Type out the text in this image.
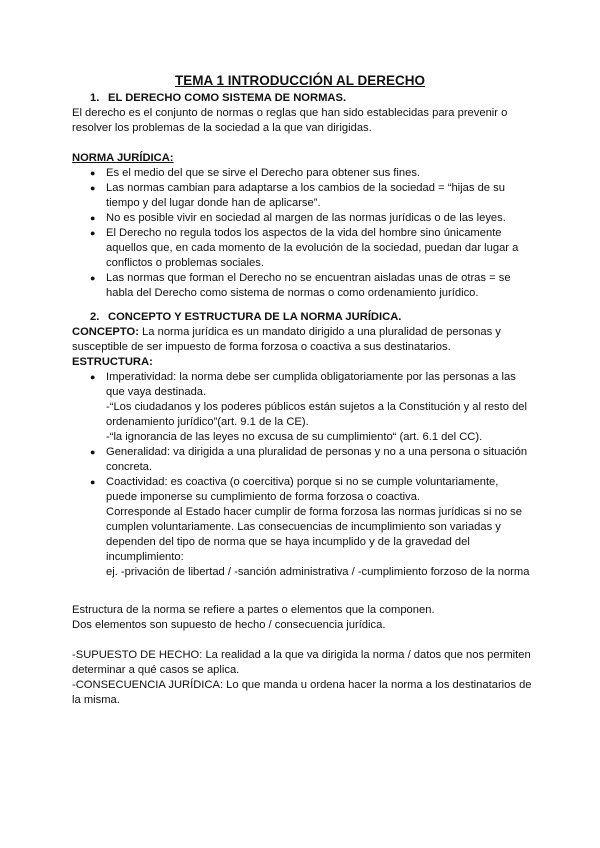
TEMA 1 INTRODUCCIÓN AL DERECHO
1. EL DERECHO COMO SISTEMA DE NORMAS.

El derecho es el conjunto de normas o reglas que han sido establecidas para prevenir o resolver los problemas de la sociedad a la que van dirigidas.

NORMA JURÍDICA:
● Es el medio del que se sirve el Derecho para obtener sus fines.
● Las normas cambian para adaptarse a los cambios de la sociedad = “hijas de su tiempo y del lugar donde han de aplicarse”.
● No es posible vivir en sociedad al margen de las normas jurídicas o de las leyes.
● El Derecho no regula todos los aspectos de la vida del hombre sino únicamente aquellos que, en cada momento de la evolución de la sociedad, puedan dar lugar a conflictos o problemas sociales.
● Las normas que forman el Derecho no se encuentran aisladas unas de otras = se habla del Derecho como sistema de normas o como ordenamiento jurídico.
2. CONCEPTO Y ESTRUCTURA DE LA NORMA JURÍDICA.

CONCEPTO: La norma jurídica es un mandato dirigido a una pluralidad de personas y susceptible de ser impuesto de forma forzosa o coactiva a sus destinatarios.

ESTRUCTURA:
● Imperatividad: la norma debe ser cumplida obligatoriamente por las personas a las que vaya destinada.
-“Los ciudadanos y los poderes públicos están sujetos a la Constitución y al resto del ordenamiento jurídico”(art. 9.1 de la CE).
-“la ignorancia de las leyes no excusa de su cumplimiento“ (art. 6.1 del CC).
● Generalidad: va dirigida a una pluralidad de personas y no a una persona o situación concreta.
● Coactividad: es coactiva (o coercitiva) porque si no se cumple voluntariamente, puede imponerse su cumplimiento de forma forzosa o coactiva.
Corresponde al Estado hacer cumplir de forma forzosa las normas jurídicas si no se cumplen voluntariamente. Las consecuencias de incumplimiento son variadas y dependen del tipo de norma que se haya incumplido y de la gravedad del incumplimiento:
ej. -privación de libertad / -sanción administrativa / -cumplimiento forzoso de la norma

Estructura de la norma se refiere a partes o elementos que la componen.

Dos elementos son supuesto de hecho / consecuencia jurídica.

-SUPUESTO DE HECHO: La realidad a la que va dirigida la norma / datos que nos permiten determinar a qué casos se aplica.

-CONSECUENCIA JURÍDICA: Lo que manda u ordena hacer la norma a los destinatarios de la misma.
